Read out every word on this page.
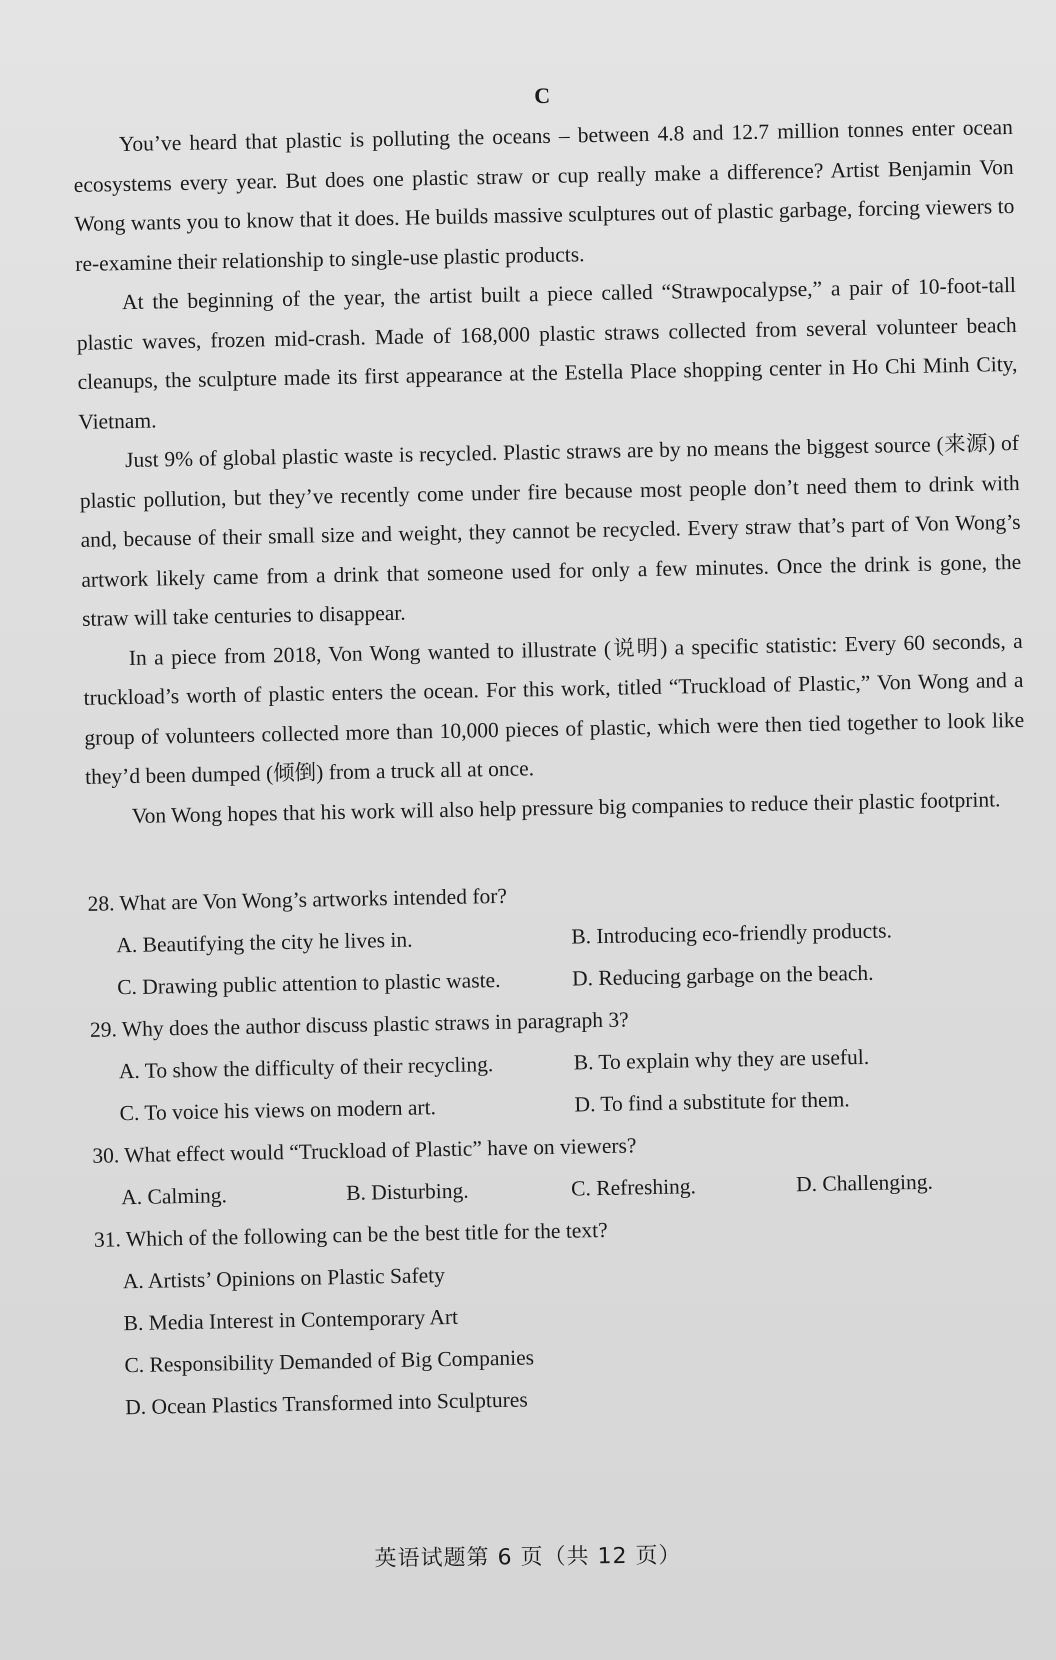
C

You’ve heard that plastic is polluting the oceans – between 4.8 and 12.7 million tonnes enter ocean ecosystems every year. But does one plastic straw or cup really make a difference? Artist Benjamin Von Wong wants you to know that it does. He builds massive sculptures out of plastic garbage, forcing viewers to re-examine their relationship to single-use plastic products.

At the beginning of the year, the artist built a piece called “Strawpocalypse,” a pair of 10-foot-tall plastic waves, frozen mid-crash. Made of 168,000 plastic straws collected from several volunteer beach cleanups, the sculpture made its first appearance at the Estella Place shopping center in Ho Chi Minh City, Vietnam.

Just 9% of global plastic waste is recycled. Plastic straws are by no means the biggest source (来源) of plastic pollution, but they’ve recently come under fire because most people don’t need them to drink with and, because of their small size and weight, they cannot be recycled. Every straw that’s part of Von Wong’s artwork likely came from a drink that someone used for only a few minutes. Once the drink is gone, the straw will take centuries to disappear.

In a piece from 2018, Von Wong wanted to illustrate (说明) a specific statistic: Every 60 seconds, a truckload’s worth of plastic enters the ocean. For this work, titled “Truckload of Plastic,” Von Wong and a group of volunteers collected more than 10,000 pieces of plastic, which were then tied together to look like they’d been dumped (倾倒) from a truck all at once.

Von Wong hopes that his work will also help pressure big companies to reduce their plastic footprint.

28. What are Von Wong’s artworks intended for?
A. Beautifying the city he lives in.	B. Introducing eco-friendly products.
C. Drawing public attention to plastic waste.	D. Reducing garbage on the beach.
29. Why does the author discuss plastic straws in paragraph 3?
A. To show the difficulty of their recycling.	B. To explain why they are useful.
C. To voice his views on modern art.	D. To find a substitute for them.
30. What effect would “Truckload of Plastic” have on viewers?
A. Calming.	B. Disturbing.	C. Refreshing.	D. Challenging.
31. Which of the following can be the best title for the text?
A. Artists’ Opinions on Plastic Safety
B. Media Interest in Contemporary Art
C. Responsibility Demanded of Big Companies
D. Ocean Plastics Transformed into Sculptures
英语试题第 6 页（共 12 页）
